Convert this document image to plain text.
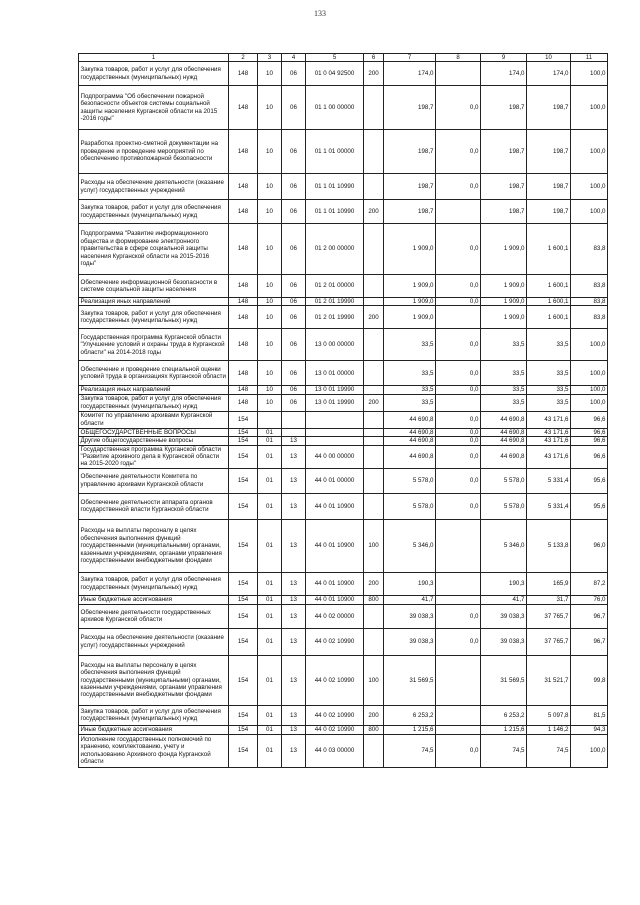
133
1	2	3	4	5	6	7	8	9	10	11
Закупка товаров, работ и услуг для обеспечения государственных (муниципальных) нужд	148	10	06	01 0 04 92500	200	174,0		174,0	174,0	100,0
Подпрограмма "Об обеспечении пожарной безопасности объектов системы социальной защиты населения Курганской области на 2015 -2016 годы"	148	10	06	01 1 00 00000		198,7	0,0	198,7	198,7	100,0
Разработка проектно-сметной документации на проведение и проведение мероприятий по обеспечению противопожарной безопасности	148	10	06	01 1 01 00000		198,7	0,0	198,7	198,7	100,0
Расходы на обеспечение деятельности (оказание услуг) государственных учреждений	148	10	06	01 1 01 10990		198,7	0,0	198,7	198,7	100,0
Закупка товаров, работ и услуг для обеспечения государственных (муниципальных) нужд	148	10	06	01 1 01 10990	200	198,7		198,7	198,7	100,0
Подпрограмма "Развитие информационного общества и формирование электронного правительства в сфере социальной защиты населения Курганской области на 2015-2016 годы"	148	10	06	01 2 00 00000		1 909,0	0,0	1 909,0	1 600,1	83,8
Обеспечение информационной безопасности в системе социальной защиты населения	148	10	06	01 2 01 00000		1 909,0	0,0	1 909,0	1 600,1	83,8
Реализация иных направлений	148	10	06	01 2 01 19990		1 909,0	0,0	1 909,0	1 600,1	83,8
Закупка товаров, работ и услуг для обеспечения государственных (муниципальных) нужд	148	10	06	01 2 01 19990	200	1 909,0		1 909,0	1 600,1	83,8
Государственная программа Курганской области "Улучшение условий и охраны труда в Курганской области" на 2014-2018 годы	148	10	06	13 0 00 00000		33,5	0,0	33,5	33,5	100,0
Обеспечение и проведение специальной оценки условий труда в организациях Курганской области	148	10	06	13 0 01 00000		33,5	0,0	33,5	33,5	100,0
Реализация иных направлений	148	10	06	13 0 01 19990		33,5	0,0	33,5	33,5	100,0
Закупка товаров, работ и услуг для обеспечения государственных (муниципальных) нужд	148	10	06	13 0 01 19990	200	33,5		33,5	33,5	100,0
Комитет по управлению архивами Курганской области	154					44 690,8	0,0	44 690,8	43 171,6	96,6
ОБЩЕГОСУДАРСТВЕННЫЕ ВОПРОСЫ	154	01				44 690,8	0,0	44 690,8	43 171,6	96,6
Другие общегосударственные вопросы	154	01	13			44 690,8	0,0	44 690,8	43 171,6	96,6
Государственная программа Курганской области "Развитие архивного дела в Курганской области на 2015-2020 годы"	154	01	13	44 0 00 00000		44 690,8	0,0	44 690,8	43 171,6	96,6
Обеспечение деятельности Комитета по управлению архивами Курганской области	154	01	13	44 0 01 00000		5 578,0	0,0	5 578,0	5 331,4	95,6
Обеспечение деятельности аппарата органов государственной власти Курганской области	154	01	13	44 0 01 10900		5 578,0	0,0	5 578,0	5 331,4	95,6
Расходы на выплаты персоналу в целях обеспечения выполнения функций государственными (муниципальными) органами, казенными учреждениями, органами управления государственными внебюджетными фондами	154	01	13	44 0 01 10900	100	5 346,0		5 346,0	5 133,8	96,0
Закупка товаров, работ и услуг для обеспечения государственных (муниципальных) нужд	154	01	13	44 0 01 10900	200	190,3		190,3	165,9	87,2
Иные бюджетные ассигнования	154	01	13	44 0 01 10900	800	41,7		41,7	31,7	76,0
Обеспечение деятельности государственных архивов Курганской области	154	01	13	44 0 02 00000		39 038,3	0,0	39 038,3	37 765,7	96,7
Расходы на обеспечение деятельности (оказание услуг) государственных учреждений	154	01	13	44 0 02 10990		39 038,3	0,0	39 038,3	37 765,7	96,7
Расходы на выплаты персоналу в целях обеспечения выполнения функций государственными (муниципальными) органами, казенными учреждениями, органами управления государственными внебюджетными фондами	154	01	13	44 0 02 10990	100	31 569,5		31 569,5	31 521,7	99,8
Закупка товаров, работ и услуг для обеспечения государственных (муниципальных) нужд	154	01	13	44 0 02 10990	200	6 253,2		6 253,2	5 097,8	81,5
Иные бюджетные ассигнования	154	01	13	44 0 02 10990	800	1 215,6		1 215,6	1 146,2	94,3
Исполнение государственных полномочий по хранению, комплектованию, учету и использованию Архивного фонда Курганской области	154	01	13	44 0 03 00000		74,5	0,0	74,5	74,5	100,0
